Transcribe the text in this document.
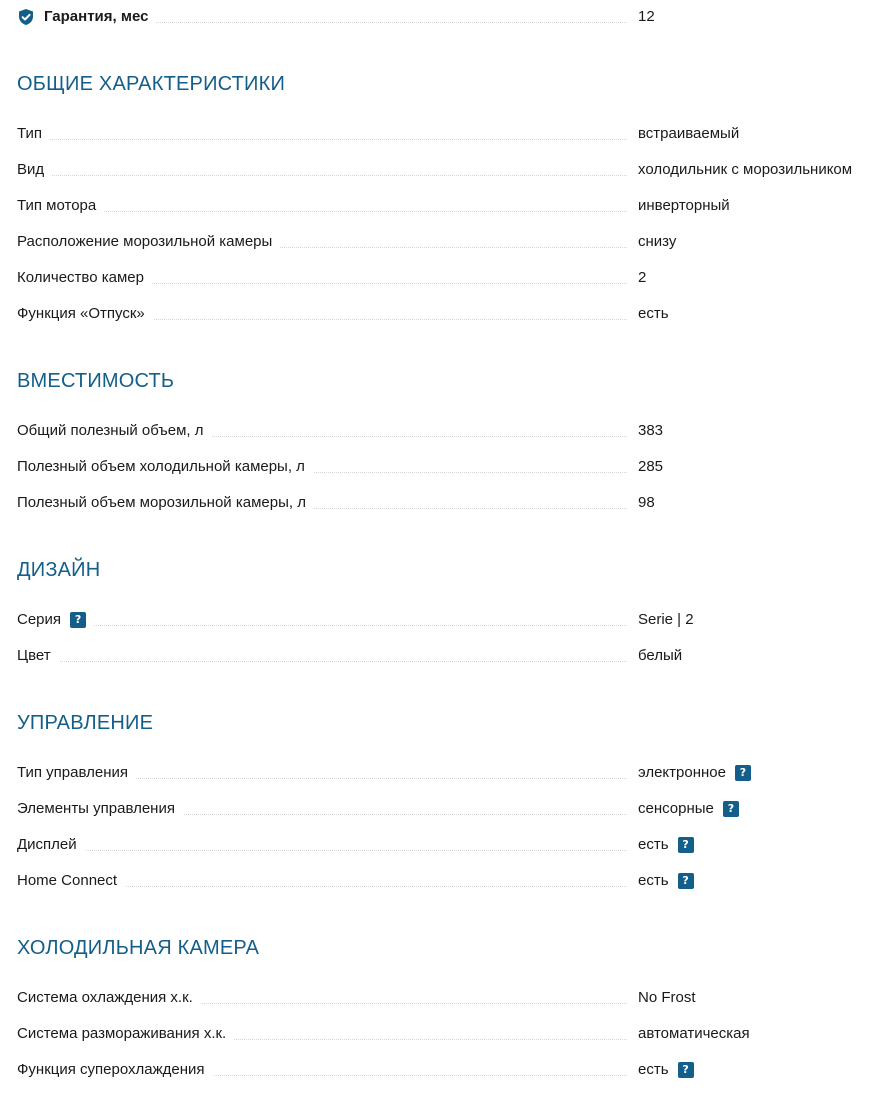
Гарантия, мес	12
ОБЩИЕ ХАРАКТЕРИСТИКИ
Тип	встраиваемый
Вид	холодильник с морозильником
Тип мотора	инверторный
Расположение морозильной камеры	снизу
Количество камер	2
Функция «Отпуск»	есть
ВМЕСТИМОСТЬ
Общий полезный объем, л	383
Полезный объем холодильной камеры, л	285
Полезный объем морозильной камеры, л	98
ДИЗАЙН
Серия	?	Serie | 2
Цвет	белый
УПРАВЛЕНИЕ
Тип управления	электронное	?
Элементы управления	сенсорные	?
Дисплей	есть	?
Home Connect	есть	?
ХОЛОДИЛЬНАЯ КАМЕРА
Система охлаждения х.к.	No Frost
Система размораживания х.к.	автоматическая
Функция суперохлаждения	есть	?
